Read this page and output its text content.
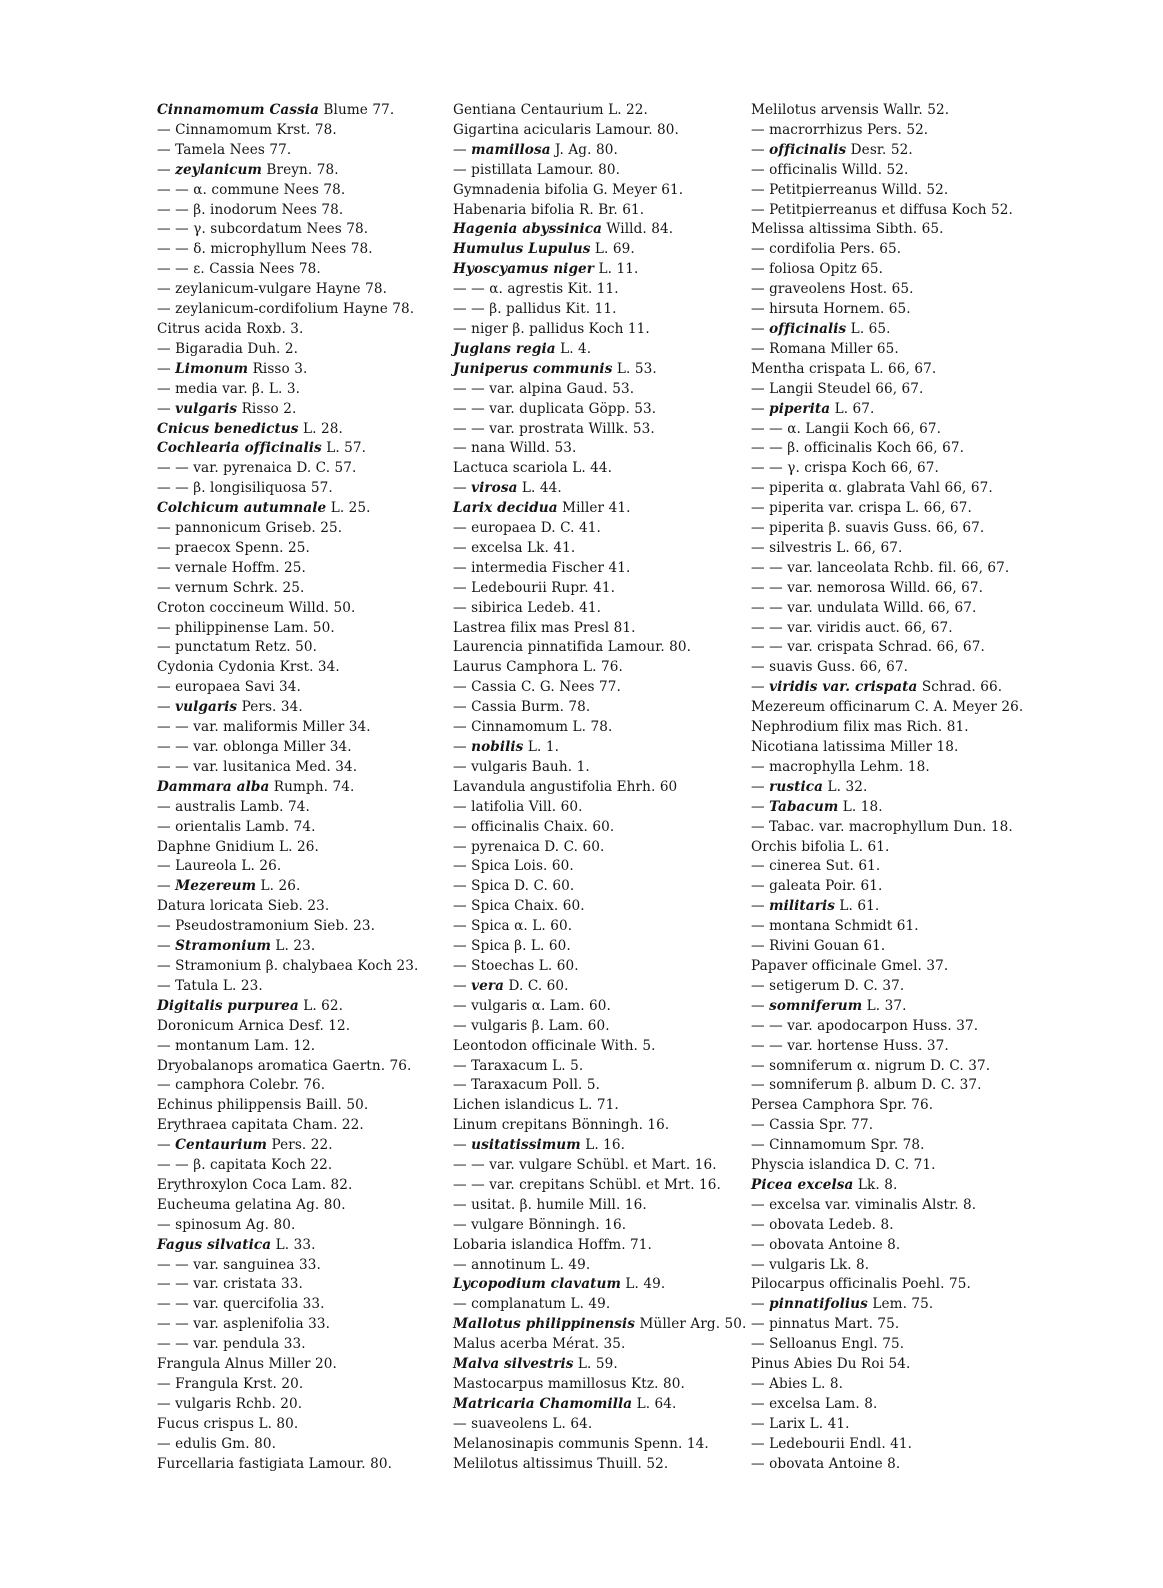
Cinnamomum Cassia Blume 77.
— Cinnamomum Krst. 78.
— Tamela Nees 77.
— zeylanicum Breyn. 78.
— — α. commune Nees 78.
— — β. inodorum Nees 78.
— — γ. subcordatum Nees 78.
— — δ. microphyllum Nees 78.
— — ε. Cassia Nees 78.
— zeylanicum-vulgare Hayne 78.
— zeylanicum-cordifolium Hayne 78.
Citrus acida Roxb. 3.
— Bigaradia Duh. 2.
— Limonum Risso 3.
— media var. β. L. 3.
— vulgaris Risso 2.
Cnicus benedictus L. 28.
Cochlearia officinalis L. 57.
— — var. pyrenaica D. C. 57.
— — β. longisiliquosa 57.
Colchicum autumnale L. 25.
— pannonicum Griseb. 25.
— praecox Spenn. 25.
— vernale Hoffm. 25.
— vernum Schrk. 25.
Croton coccineum Willd. 50.
— philippinense Lam. 50.
— punctatum Retz. 50.
Cydonia Cydonia Krst. 34.
— europaea Savi 34.
— vulgaris Pers. 34.
— — var. maliformis Miller 34.
— — var. oblonga Miller 34.
— — var. lusitanica Med. 34.
Dammara alba Rumph. 74.
— australis Lamb. 74.
— orientalis Lamb. 74.
Daphne Gnidium L. 26.
— Laureola L. 26.
— Mezereum L. 26.
Datura loricata Sieb. 23.
— Pseudostramonium Sieb. 23.
— Stramonium L. 23.
— Stramonium β. chalybaea Koch 23.
— Tatula L. 23.
Digitalis purpurea L. 62.
Doronicum Arnica Desf. 12.
— montanum Lam. 12.
Dryobalanops aromatica Gaertn. 76.
— camphora Colebr. 76.
Echinus philippensis Baill. 50.
Erythraea capitata Cham. 22.
— Centaurium Pers. 22.
— — β. capitata Koch 22.
Erythroxylon Coca Lam. 82.
Eucheuma gelatina Ag. 80.
— spinosum Ag. 80.
Fagus silvatica L. 33.
— — var. sanguinea 33.
— — var. cristata 33.
— — var. quercifolia 33.
— — var. asplenifolia 33.
— — var. pendula 33.
Frangula Alnus Miller 20.
— Frangula Krst. 20.
— vulgaris Rchb. 20.
Fucus crispus L. 80.
— edulis Gm. 80.
Furcellaria fastigiata Lamour. 80.
Gentiana Centaurium L. 22.
Gigartina acicularis Lamour. 80.
— mamillosa J. Ag. 80.
— pistillata Lamour. 80.
Gymnadenia bifolia G. Meyer 61.
Habenaria bifolia R. Br. 61.
Hagenia abyssinica Willd. 84.
Humulus Lupulus L. 69.
Hyoscyamus niger L. 11.
— — α. agrestis Kit. 11.
— — β. pallidus Kit. 11.
— niger β. pallidus Koch 11.
Juglans regia L. 4.
Juniperus communis L. 53.
— — var. alpina Gaud. 53.
— — var. duplicata Göpp. 53.
— — var. prostrata Willk. 53.
— nana Willd. 53.
Lactuca scariola L. 44.
— virosa L. 44.
Larix decidua Miller 41.
— europaea D. C. 41.
— excelsa Lk. 41.
— intermedia Fischer 41.
— Ledebourii Rupr. 41.
— sibirica Ledeb. 41.
Lastrea filix mas Presl 81.
Laurencia pinnatifida Lamour. 80.
Laurus Camphora L. 76.
— Cassia C. G. Nees 77.
— Cassia Burm. 78.
— Cinnamomum L. 78.
— nobilis L. 1.
— vulgaris Bauh. 1.
Lavandula angustifolia Ehrh. 60
— latifolia Vill. 60.
— officinalis Chaix. 60.
— pyrenaica D. C. 60.
— Spica Lois. 60.
— Spica D. C. 60.
— Spica Chaix. 60.
— Spica α. L. 60.
— Spica β. L. 60.
— Stoechas L. 60.
— vera D. C. 60.
— vulgaris α. Lam. 60.
— vulgaris β. Lam. 60.
Leontodon officinale With. 5.
— Taraxacum L. 5.
— Taraxacum Poll. 5.
Lichen islandicus L. 71.
Linum crepitans Bönningh. 16.
— usitatissimum L. 16.
— — var. vulgare Schübl. et Mart. 16.
— — var. crepitans Schübl. et Mrt. 16.
— usitat. β. humile Mill. 16.
— vulgare Bönningh. 16.
Lobaria islandica Hoffm. 71.
— annotinum L. 49.
Lycopodium clavatum L. 49.
— complanatum L. 49.
Mallotus philippinensis Müller Arg. 50.
Malus acerba Mérat. 35.
Malva silvestris L. 59.
Mastocarpus mamillosus Ktz. 80.
Matricaria Chamomilla L. 64.
— suaveolens L. 64.
Melanosinapis communis Spenn. 14.
Melilotus altissimus Thuill. 52.
Melilotus arvensis Wallr. 52.
— macrorrhizus Pers. 52.
— officinalis Desr. 52.
— officinalis Willd. 52.
— Petitpierreanus Willd. 52.
— Petitpierreanus et diffusa Koch 52.
Melissa altissima Sibth. 65.
— cordifolia Pers. 65.
— foliosa Opitz 65.
— graveolens Host. 65.
— hirsuta Hornem. 65.
— officinalis L. 65.
— Romana Miller 65.
Mentha crispata L. 66, 67.
— Langii Steudel 66, 67.
— piperita L. 67.
— — α. Langii Koch 66, 67.
— — β. officinalis Koch 66, 67.
— — γ. crispa Koch 66, 67.
— piperita α. glabrata Vahl 66, 67.
— piperita var. crispa L. 66, 67.
— piperita β. suavis Guss. 66, 67.
— silvestris L. 66, 67.
— — var. lanceolata Rchb. fil. 66, 67.
— — var. nemorosa Willd. 66, 67.
— — var. undulata Willd. 66, 67.
— — var. viridis auct. 66, 67.
— — var. crispata Schrad. 66, 67.
— suavis Guss. 66, 67.
— viridis var. crispata Schrad. 66.
Mezereum officinarum C. A. Meyer 26.
Nephrodium filix mas Rich. 81.
Nicotiana latissima Miller 18.
— macrophylla Lehm. 18.
— rustica L. 32.
— Tabacum L. 18.
— Tabac. var. macrophyllum Dun. 18.
Orchis bifolia L. 61.
— cinerea Sut. 61.
— galeata Poir. 61.
— militaris L. 61.
— montana Schmidt 61.
— Rivini Gouan 61.
Papaver officinale Gmel. 37.
— setigerum D. C. 37.
— somniferum L. 37.
— — var. apodocarpon Huss. 37.
— — var. hortense Huss. 37.
— somniferum α. nigrum D. C. 37.
— somniferum β. album D. C. 37.
Persea Camphora Spr. 76.
— Cassia Spr. 77.
— Cinnamomum Spr. 78.
Physcia islandica D. C. 71.
Picea excelsa Lk. 8.
— excelsa var. viminalis Alstr. 8.
— obovata Ledeb. 8.
— obovata Antoine 8.
— vulgaris Lk. 8.
Pilocarpus officinalis Poehl. 75.
— pinnatifolius Lem. 75.
— pinnatus Mart. 75.
— Selloanus Engl. 75.
Pinus Abies Du Roi 54.
— Abies L. 8.
— excelsa Lam. 8.
— Larix L. 41.
— Ledebourii Endl. 41.
— obovata Antoine 8.
